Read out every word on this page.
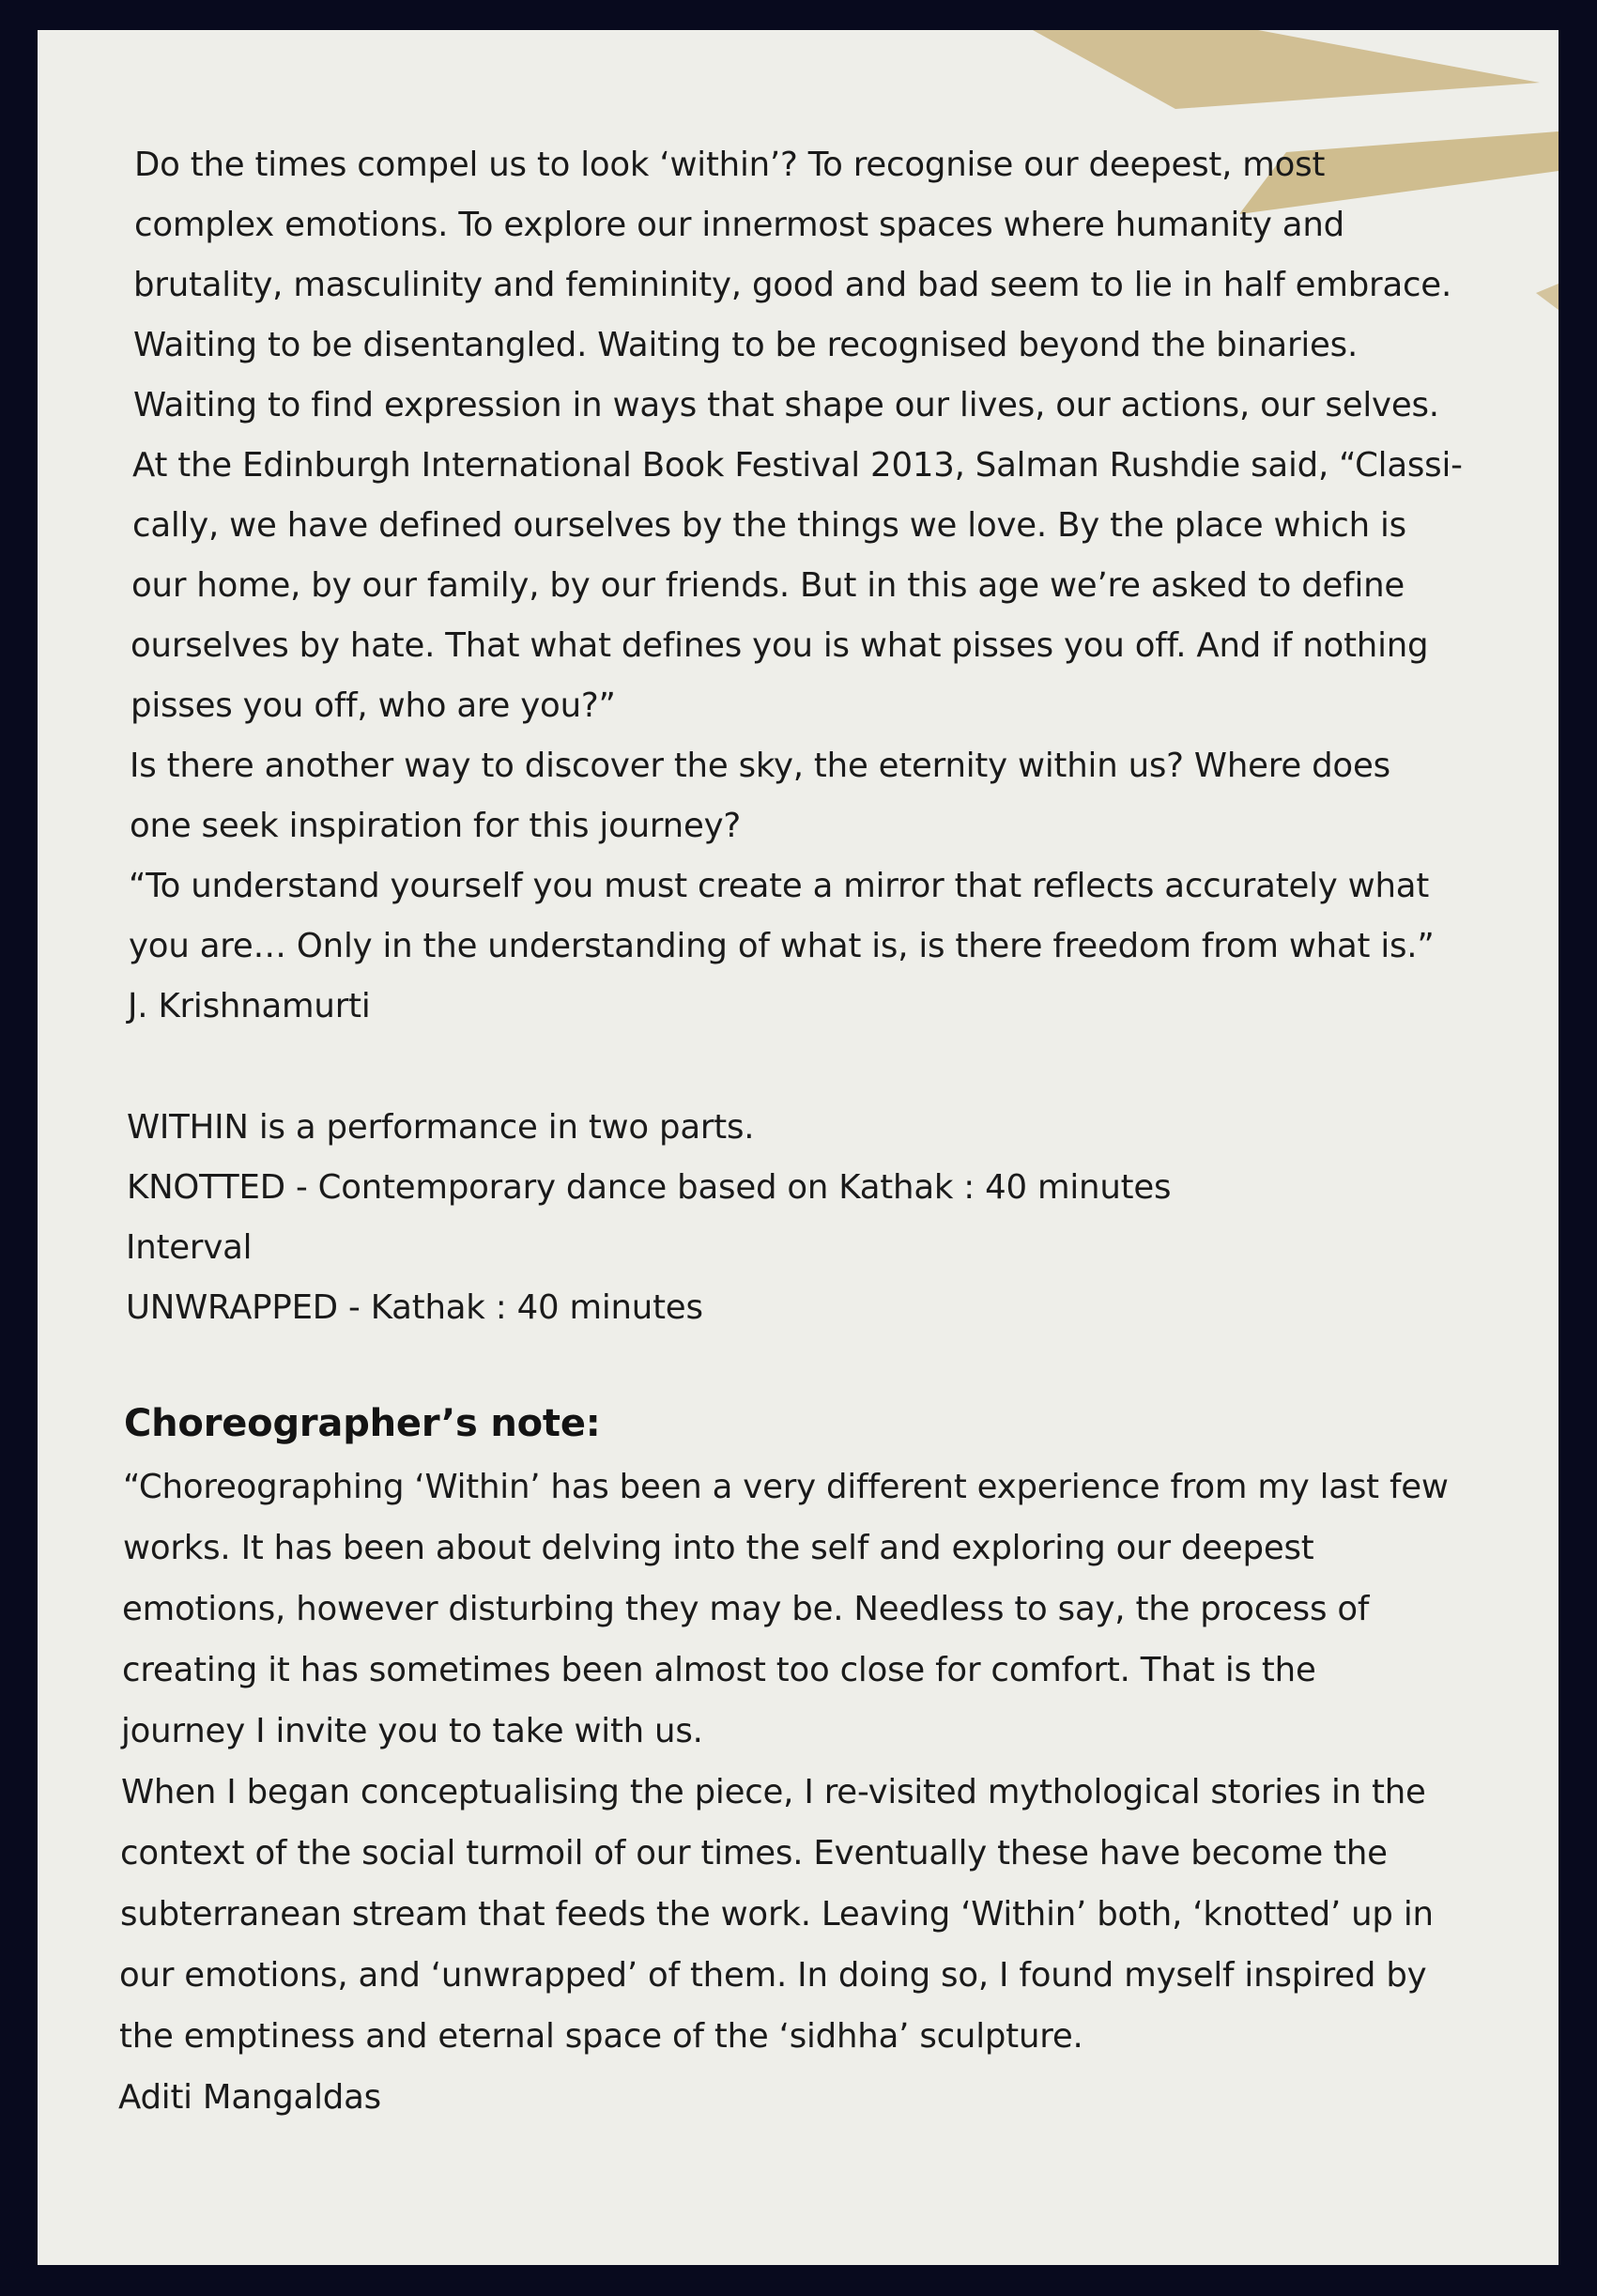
Do the times compel us to look ‘within’? To recognise our deepest, most
complex emotions. To explore our innermost spaces where humanity and
brutality, masculinity and femininity, good and bad seem to lie in half embrace.
Waiting to be disentangled. Waiting to be recognised beyond the binaries.
Waiting to find expression in ways that shape our lives, our actions, our selves.
At the Edinburgh International Book Festival 2013, Salman Rushdie said, “Classi-
cally, we have defined ourselves by the things we love. By the place which is
our home, by our family, by our friends. But in this age we’re asked to define
ourselves by hate. That what defines you is what pisses you off. And if nothing
pisses you off, who are you?”
Is there another way to discover the sky, the eternity within us? Where does
one seek inspiration for this journey?
“To understand yourself you must create a mirror that reflects accurately what
you are… Only in the understanding of what is, is there freedom from what is.”
J. Krishnamurti
WITHIN is a performance in two parts.
KNOTTED - Contemporary dance based on Kathak : 40 minutes
Interval
UNWRAPPED - Kathak : 40 minutes
Choreographer’s note:
“Choreographing ‘Within’ has been a very different experience from my last few
works. It has been about delving into the self and exploring our deepest
emotions, however disturbing they may be. Needless to say, the process of
creating it has sometimes been almost too close for comfort. That is the
journey I invite you to take with us.
When I began conceptualising the piece, I re-visited mythological stories in the
context of the social turmoil of our times. Eventually these have become the
subterranean stream that feeds the work. Leaving ‘Within’ both, ‘knotted’ up in
our emotions, and ‘unwrapped’ of them. In doing so, I found myself inspired by
the emptiness and eternal space of the ‘sidhha’ sculpture.
Aditi Mangaldas
